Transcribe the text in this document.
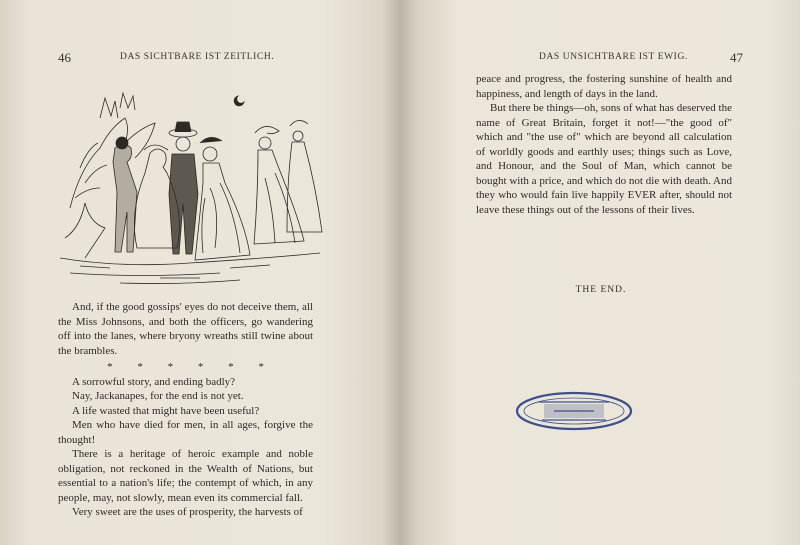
46	DAS SICHTBARE IST ZEITLICH.

And, if the good gossips' eyes do not deceive them, all the Miss Johnsons, and both the officers, go wandering off into the lanes, where bryony wreaths still twine about the brambles.

* * * * * *

A sorrowful story, and ending badly?

Nay, Jackanapes, for the end is not yet.

A life wasted that might have been useful?

Men who have died for men, in all ages, forgive the thought!

There is a heritage of heroic example and noble obligation, not reckoned in the Wealth of Nations, but essential to a nation's life; the contempt of which, in any people, may, not slowly, mean even its commercial fall.

Very sweet are the uses of prosperity, the harvests of

DAS UNSICHTBARE IST EWIG.	47

peace and progress, the fostering sunshine of health and happiness, and length of days in the land.

But there be things—oh, sons of what has deserved the name of Great Britain, forget it not!—"the good of" which and "the use of" which are beyond all calculation of worldly goods and earthly uses; things such as Love, and Honour, and the Soul of Man, which cannot be bought with a price, and which do not die with death. And they who would fain live happily EVER after, should not leave these things out of the lessons of their lives.

THE END.
